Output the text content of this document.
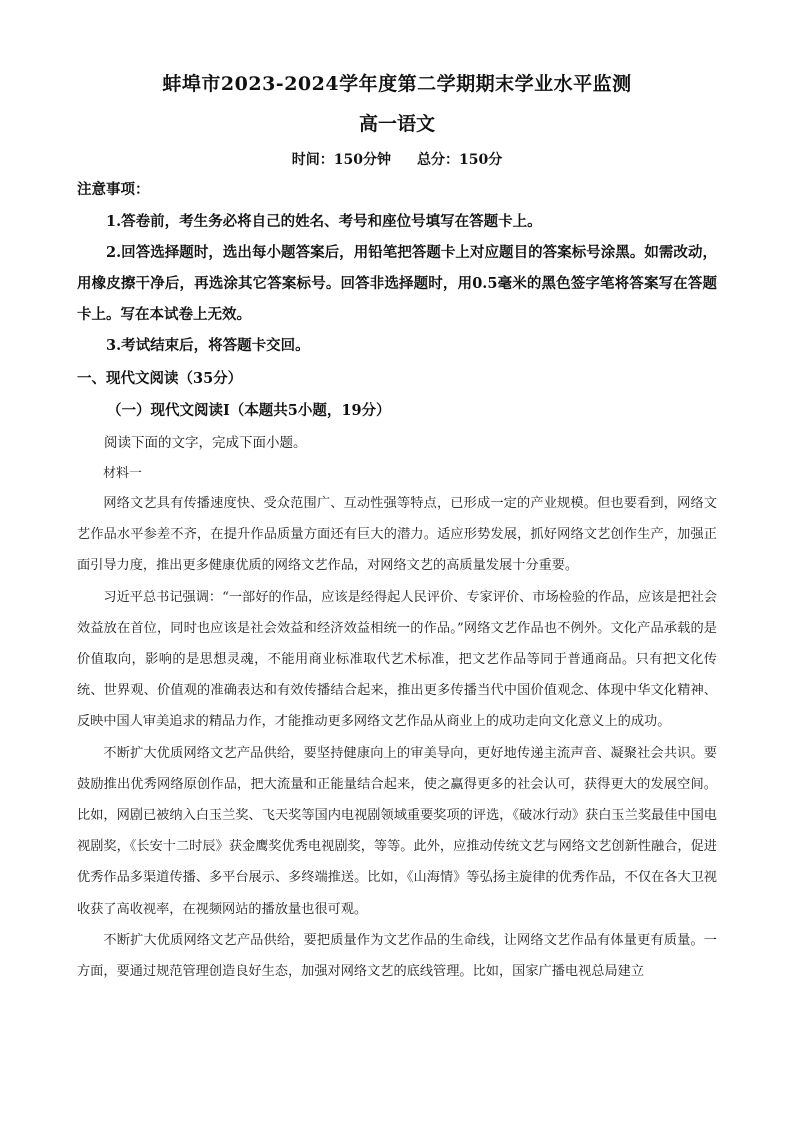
蚌埠市2023-2024学年度第二学期期末学业水平监测
高一语文
时间：150分钟 总分：150分
注意事项：

1.答卷前，考生务必将自己的姓名、考号和座位号填写在答题卡上。

2.回答选择题时，选出每小题答案后，用铅笔把答题卡上对应题目的答案标号涂黑。如需改动，用橡皮擦干净后，再选涂其它答案标号。回答非选择题时，用0.5毫米的黑色签字笔将答案写在答题卡上。写在本试卷上无效。

3.考试结束后，将答题卡交回。

一、现代文阅读（35分）
（一）现代文阅读Ⅰ（本题共5小题，19分）
阅读下面的文字，完成下面小题。
材料一

网络文艺具有传播速度快、受众范围广、互动性强等特点，已形成一定的产业规模。但也要看到，网络文艺作品水平参差不齐，在提升作品质量方面还有巨大的潜力。适应形势发展，抓好网络文艺创作生产，加强正面引导力度，推出更多健康优质的网络文艺作品，对网络文艺的高质量发展十分重要。

习近平总书记强调：“一部好的作品，应该是经得起人民评价、专家评价、市场检验的作品，应该是把社会效益放在首位，同时也应该是社会效益和经济效益相统一的作品。”网络文艺作品也不例外。文化产品承载的是价值取向，影响的是思想灵魂，不能用商业标准取代艺术标准，把文艺作品等同于普通商品。只有把文化传统、世界观、价值观的准确表达和有效传播结合起来，推出更多传播当代中国价值观念、体现中华文化精神、反映中国人审美追求的精品力作，才能推动更多网络文艺作品从商业上的成功走向文化意义上的成功。

不断扩大优质网络文艺产品供给，要坚持健康向上的审美导向，更好地传递主流声音、凝聚社会共识。要鼓励推出优秀网络原创作品，把大流量和正能量结合起来，使之赢得更多的社会认可，获得更大的发展空间。比如，网剧已被纳入白玉兰奖、飞天奖等国内电视剧领域重要奖项的评选，《破冰行动》获白玉兰奖最佳中国电视剧奖，《长安十二时辰》获金鹰奖优秀电视剧奖，等等。此外，应推动传统文艺与网络文艺创新性融合，促进优秀作品多渠道传播、多平台展示、多终端推送。比如，《山海情》等弘扬主旋律的优秀作品，不仅在各大卫视收获了高收视率，在视频网站的播放量也很可观。

不断扩大优质网络文艺产品供给，要把质量作为文艺作品的生命线，让网络文艺作品有体量更有质量。一方面，要通过规范管理创造良好生态，加强对网络文艺的底线管理。比如，国家广播电视总局建立
